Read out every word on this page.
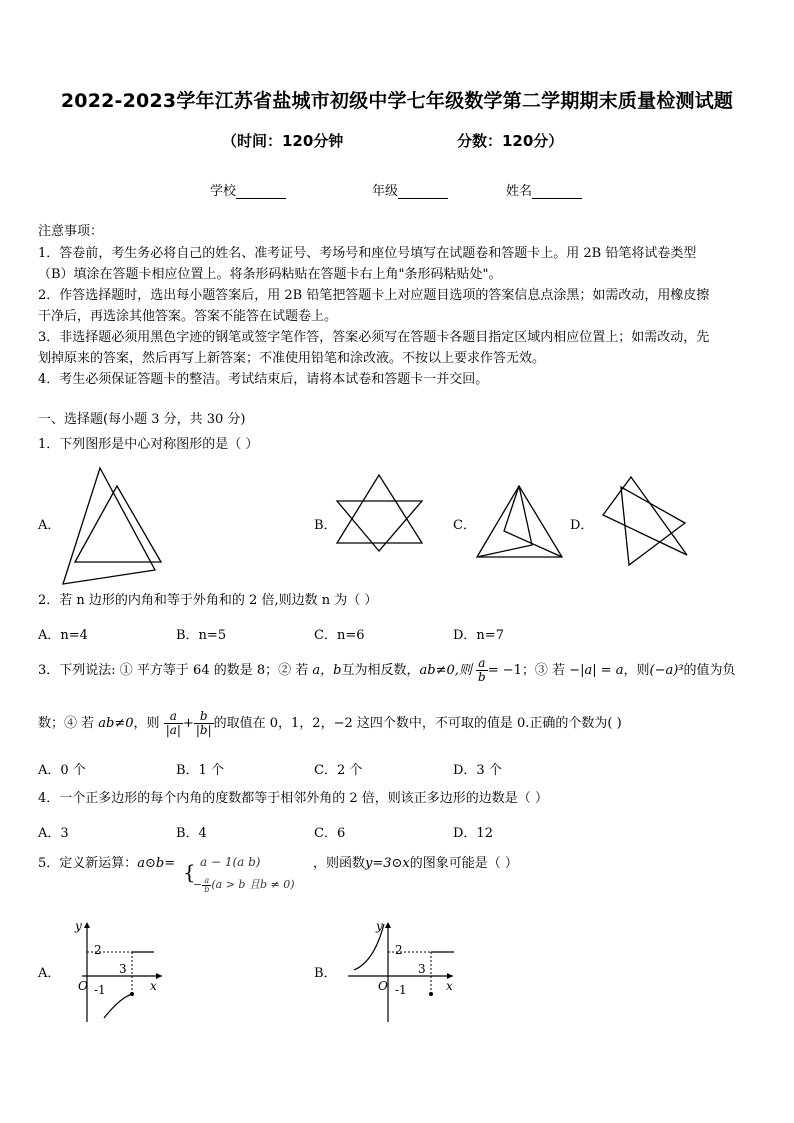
2022-2023学年江苏省盐城市初级中学七年级数学第二学期期末质量检测试题
（时间：120分钟	分数：120分）
学校	年级	姓名
注意事项：
1．答卷前，考生务必将自己的姓名、准考证号、考场号和座位号填写在试题卷和答题卡上。用 2B 铅笔将试卷类型
（B）填涂在答题卡相应位置上。将条形码粘贴在答题卡右上角"条形码粘贴处"。
2．作答选择题时，选出每小题答案后，用 2B 铅笔把答题卡上对应题目选项的答案信息点涂黑；如需改动，用橡皮擦
干净后，再选涂其他答案。答案不能答在试题卷上。
3．非选择题必须用黑色字迹的钢笔或签字笔作答，答案必须写在答题卡各题目指定区域内相应位置上；如需改动，先
划掉原来的答案，然后再写上新答案；不准使用铅笔和涂改液。不按以上要求作答无效。
4．考生必须保证答题卡的整洁。考试结束后，请将本试卷和答题卡一并交回。
一、选择题(每小题 3 分，共 30 分)
1．下列图形是中心对称图形的是（ ）
A．	B．	C．	D．
2．若 n 边形的内角和等于外角和的 2 倍,则边数 n 为（ ）
A．n=4	B．n=5	C．n=6	D．n=7
3．下列说法: ① 平方等于 64 的数是 8；② 若 a，b互为相反数，ab≠0,则 $\frac{a}{b} = -1$；③ 若 −|a| = a，则(−a)³的值为负
数；④ 若 ab≠0，则 $\frac{a}{|a|} + \frac{b}{|b|}$ 的取值在 0，1，2，−2 这四个数中，不可取的值是 0.正确的个数为( )
A．0 个	B．1 个	C．2 个	D．3 个
4．一个正多边形的每个内角的度数都等于相邻外角的 2 倍，则该正多边形的边数是（ ）
A．3	B．4	C．6	D．12
5．定义新运算：a⊙b= { a − 1(a b)
− $\frac{a}{b} (a > b$ 且b ≠ 0)
，则函数y=3⊙x的图象可能是（ ）
A．	B．
y
x
O
2
3
-1
y
x
O
2
3
-1
